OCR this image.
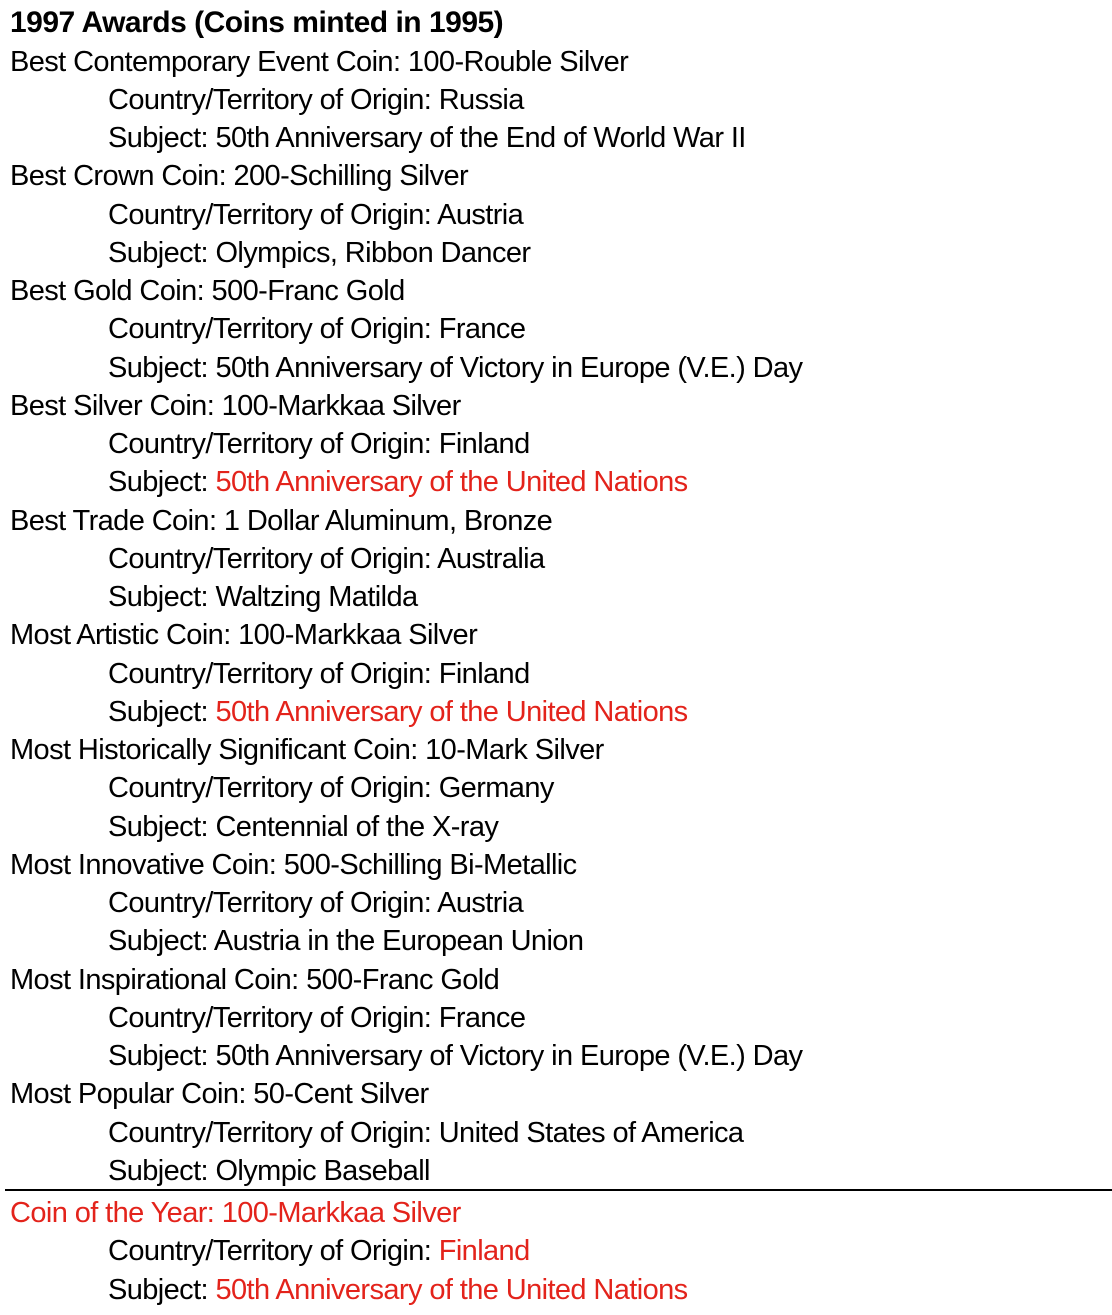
1997 Awards (Coins minted in 1995)
Best Contemporary Event Coin: 100-Rouble Silver
Country/Territory of Origin: Russia
Subject: 50th Anniversary of the End of World War II
Best Crown Coin: 200-Schilling Silver
Country/Territory of Origin: Austria
Subject: Olympics, Ribbon Dancer
Best Gold Coin: 500-Franc Gold
Country/Territory of Origin: France
Subject: 50th Anniversary of Victory in Europe (V.E.) Day
Best Silver Coin: 100-Markkaa Silver
Country/Territory of Origin: Finland
Subject: 50th Anniversary of the United Nations
Best Trade Coin: 1 Dollar Aluminum, Bronze
Country/Territory of Origin: Australia
Subject: Waltzing Matilda
Most Artistic Coin: 100-Markkaa Silver
Country/Territory of Origin: Finland
Subject: 50th Anniversary of the United Nations
Most Historically Significant Coin: 10-Mark Silver
Country/Territory of Origin: Germany
Subject: Centennial of the X-ray
Most Innovative Coin: 500-Schilling Bi-Metallic
Country/Territory of Origin: Austria
Subject: Austria in the European Union
Most Inspirational Coin: 500-Franc Gold
Country/Territory of Origin: France
Subject: 50th Anniversary of Victory in Europe (V.E.) Day
Most Popular Coin: 50-Cent Silver
Country/Territory of Origin: United States of America
Subject: Olympic Baseball
Coin of the Year: 100-Markkaa Silver
Country/Territory of Origin: Finland
Subject: 50th Anniversary of the United Nations
